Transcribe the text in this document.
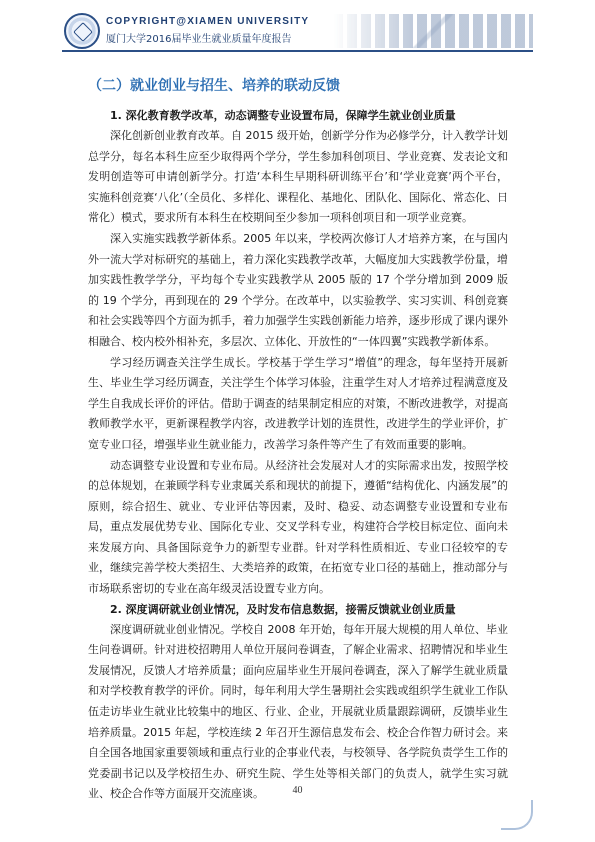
COPYRIGHT@XIAMEN UNIVERSITY
厦门大学2016届毕业生就业质量年度报告
（二）就业创业与招生、培养的联动反馈

1. 深化教育教学改革，动态调整专业设置布局，保障学生就业创业质量

深化创新创业教育改革。自 2015 级开始，创新学分作为必修学分，计入教学计划总学分，每名本科生应至少取得两个学分，学生参加科创项目、学业竞赛、发表论文和发明创造等可申请创新学分。打造‘本科生早期科研训练平台’和‘学业竞赛’两个平台，实施科创竞赛‘八化’（全员化、多样化、课程化、基地化、团队化、国际化、常态化、日常化）模式，要求所有本科生在校期间至少参加一项科创项目和一项学业竞赛。

深入实施实践教学新体系。2005 年以来，学校两次修订人才培养方案，在与国内外一流大学对标研究的基础上，着力深化实践教学改革，大幅度加大实践教学份量，增加实践性教学学分，平均每个专业实践教学从 2005 版的 17 个学分增加到 2009 版的 19 个学分，再到现在的 29 个学分。在改革中，以实验教学、实习实训、科创竞赛和社会实践等四个方面为抓手，着力加强学生实践创新能力培养，逐步形成了课内课外相融合、校内校外相补充，多层次、立体化、开放性的“一体四翼”实践教学新体系。

学习经历调查关注学生成长。学校基于学生学习“增值”的理念，每年坚持开展新生、毕业生学习经历调查，关注学生个体学习体验，注重学生对人才培养过程满意度及学生自我成长评价的评估。借助于调查的结果制定相应的对策，不断改进教学，对提高教师教学水平，更新课程教学内容，改进教学计划的连贯性，改进学生的学业评价，扩宽专业口径，增强毕业生就业能力，改善学习条件等产生了有效而重要的影响。

动态调整专业设置和专业布局。从经济社会发展对人才的实际需求出发，按照学校的总体规划，在兼顾学科专业隶属关系和现状的前提下，遵循“结构优化、内涵发展”的原则，综合招生、就业、专业评估等因素，及时、稳妥、动态调整专业设置和专业布局，重点发展优势专业、国际化专业、交叉学科专业，构建符合学校目标定位、面向未来发展方向、具备国际竞争力的新型专业群。针对学科性质相近、专业口径较窄的专业，继续完善学校大类招生、大类培养的政策，在拓宽专业口径的基础上，推动部分与市场联系密切的专业在高年级灵活设置专业方向。

2. 深度调研就业创业情况，及时发布信息数据，接需反馈就业创业质量

深度调研就业创业情况。学校自 2008 年开始，每年开展大规模的用人单位、毕业生问卷调研。针对进校招聘用人单位开展问卷调查，了解企业需求、招聘情况和毕业生发展情况，反馈人才培养质量；面向应届毕业生开展问卷调查，深入了解学生就业质量和对学校教育教学的评价。同时，每年利用大学生暑期社会实践或组织学生就业工作队伍走访毕业生就业比较集中的地区、行业、企业，开展就业质量跟踪调研，反馈毕业生培养质量。2015 年起，学校连续 2 年召开生源信息发布会、校企合作智力研讨会。来自全国各地国家重要领域和重点行业的企事业代表，与校领导、各学院负责学生工作的党委副书记以及学校招生办、研究生院、学生处等相关部门的负责人，就学生实习就业、校企合作等方面展开交流座谈。	40
